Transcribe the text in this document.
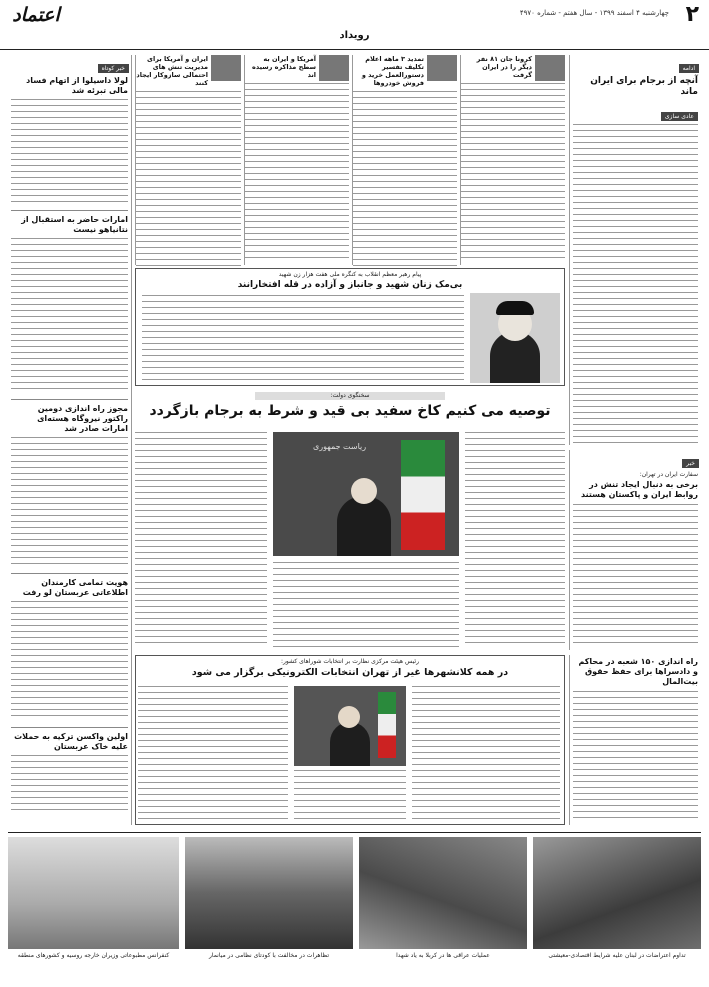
اعتماد	۲
چهارشنبه ۴ اسفند ۱۳۹۹ - سال هفتم - شماره ۴۹۷۰
رویداد
ادامه
آنچه از برجام برای ایران ماند
عادی سازی
کرونا جان ۸۱ نفر دیگر را در ایران گرفت
تمدید ۳ ماهه اعلام تکلیف تفسیر دستورالعمل خرید و فروش خودروها
آمریکا و ایران به سطح مذاکره رسیده اند
ایران و آمریکا برای مدیریت تنش های احتمالی سازوکار ایجاد کنند
پیام رهبر معظم انقلاب به کنگره ملی هفت هزار زن شهید
بی‌مک زنان شهید و جانباز و آزاده در قله افتخارانند
سخنگوی دولت:
توصیه می کنیم کاخ سفید بی قید و شرط به برجام بازگردد
ریاست جمهوری
خبر
سفارت ایران در تهران:
برخی به دنبال ایجاد تنش در روابط ایران و پاکستان هستند
راه اندازی ۱۵۰ شعبه در محاکم و دادسراها برای حفظ حقوق بیت‌المال
رئیس هیئت مرکزی نظارت بر انتخابات شوراهای کشور:
در همه کلانشهرها غیر از تهران انتخابات الکترونیکی برگزار می شود
خبر کوتاه
لولا داسیلوا از اتهام فساد مالی تبرئه شد
امارات حاضر به استقبال از نتانیاهو نیست
مجوز راه اندازی دومین راکتور نیروگاه هسته‌ای امارات صادر شد
هویت تمامی کارمندان اطلاعاتی عربستان لو رفت
اولین واکسن ترکیه به حملات علیه خاک عربستان
تداوم اعتراضات در لبنان علیه شرایط اقتصادی-معیشتی
عملیات عراقی ها در کربلا به یاد شهدا
تظاهرات در مخالفت با کودتای نظامی در میانمار
کنفرانس مطبوعاتی وزیران خارجه روسیه و کشورهای منطقه
